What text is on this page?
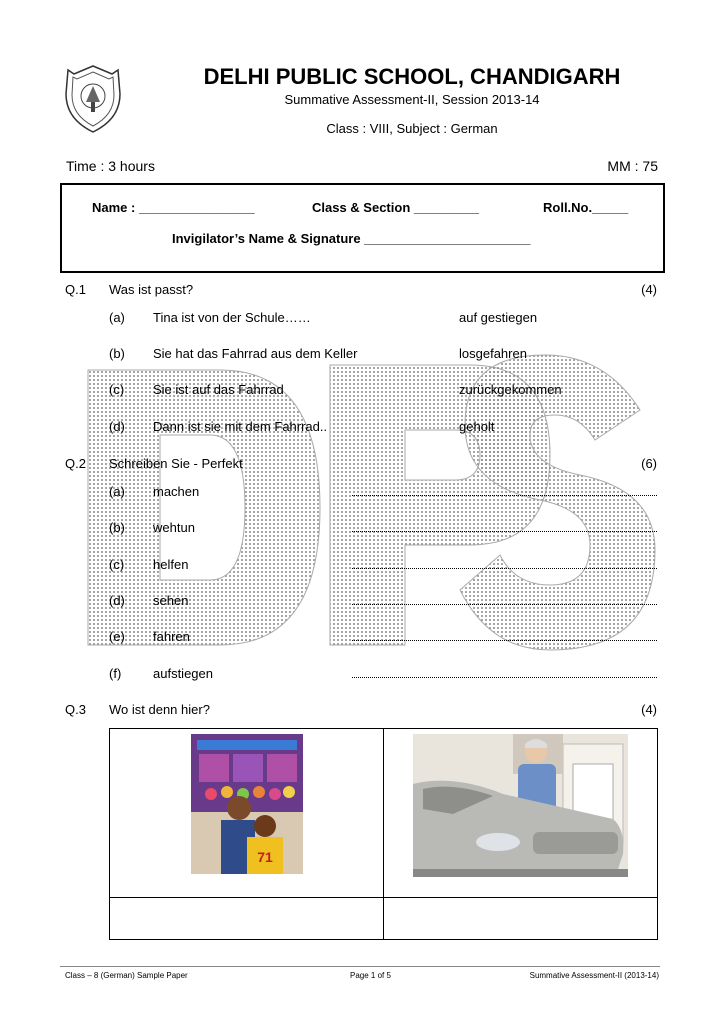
DELHI PUBLIC SCHOOL, CHANDIGARH
Summative Assessment-II, Session 2013-14
Class : VIII, Subject : German
Time : 3 hours	MM : 75
Name : ________________	Class & Section _________	Roll.No._____
Invigilator’s Name & Signature _______________________
Q.1 Was ist passt?	(4)
(a) Tina ist von der Schule……	auf gestiegen
(b) Sie hat das Fahrrad aus dem Keller	losgefahren
(c) Sie ist auf das Fahrrad	zurückgekommen
(d) Dann ist sie mit dem Fahrrad..	geholt
Q.2 Schreiben Sie - Perfekt	(6)
(a) machen
(b) wehtun
(c) helfen
(d) sehen
(e) fahren
(f) aufstiegen
Q.3 Wo ist denn hier?	(4)
71
Class – 8 (German) Sample Paper	Page 1 of 5	Summative Assessment-II (2013-14)
